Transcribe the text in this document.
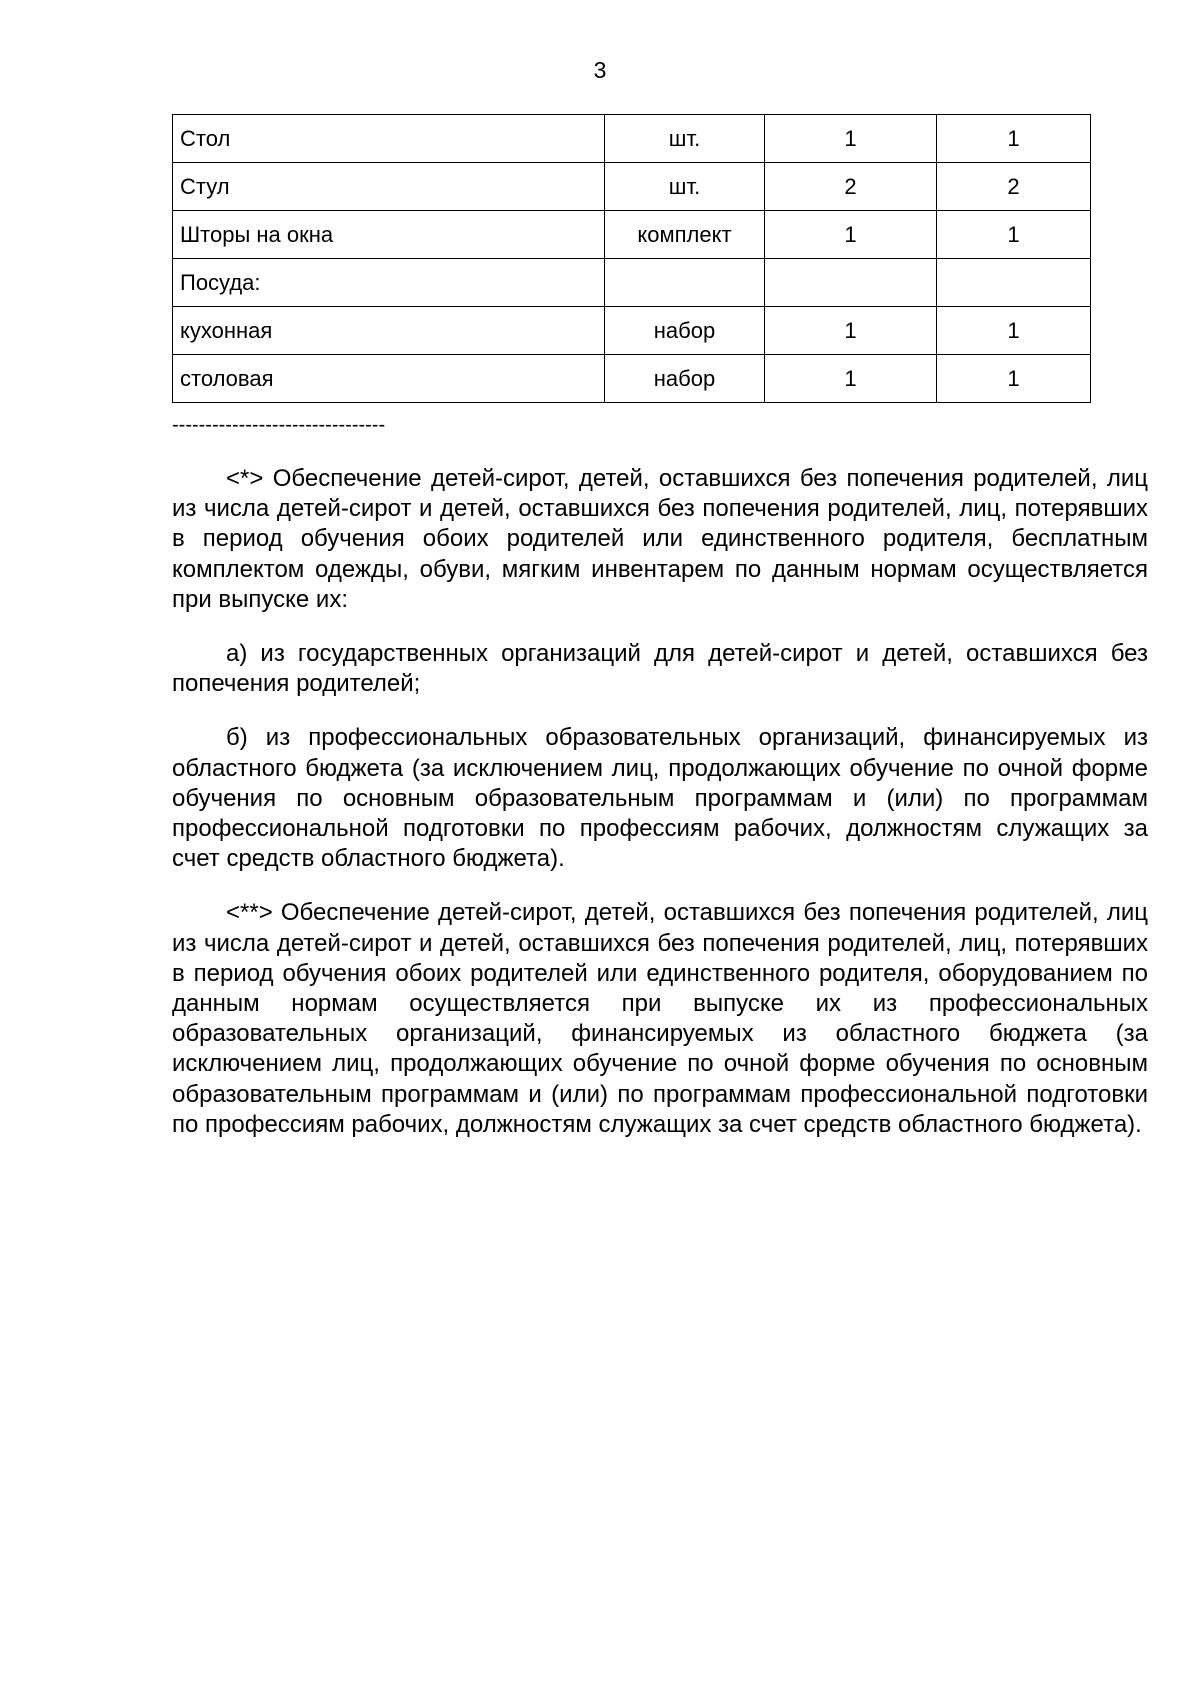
3
Стол	шт.	1	1
Стул	шт.	2	2
Шторы на окна	комплект	1	1
Посуда:			
кухонная	набор	1	1
столовая	набор	1	1
--------------------------------

<*> Обеспечение детей-сирот, детей, оставшихся без попечения родителей, лиц из числа детей-сирот и детей, оставшихся без попечения родителей, лиц, потерявших в период обучения обоих родителей или единственного родителя, бесплатным комплектом одежды, обуви, мягким инвентарем по данным нормам осуществляется при выпуске их:

а) из государственных организаций для детей-сирот и детей, оставшихся без попечения родителей;

б) из профессиональных образовательных организаций, финансируемых из областного бюджета (за исключением лиц, продолжающих обучение по очной форме обучения по основным образовательным программам и (или) по программам профессиональной подготовки по профессиям рабочих, должностям служащих за счет средств областного бюджета).

<**> Обеспечение детей-сирот, детей, оставшихся без попечения родителей, лиц из числа детей-сирот и детей, оставшихся без попечения родителей, лиц, потерявших в период обучения обоих родителей или единственного родителя, оборудованием по данным нормам осуществляется при выпуске их из профессиональных образовательных организаций, финансируемых из областного бюджета (за исключением лиц, продолжающих обучение по очной форме обучения по основным образовательным программам и (или) по программам профессиональной подготовки по профессиям рабочих, должностям служащих за счет средств областного бюджета).
